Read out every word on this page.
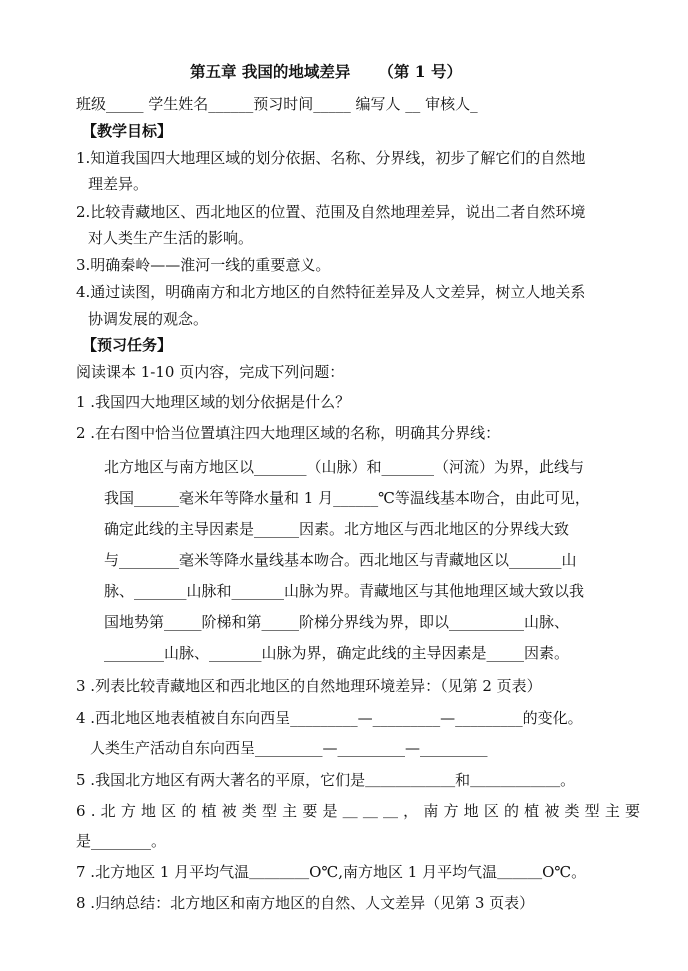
第五章 我国的地域差异 （第 1 号）
班级_____ 学生姓名______预习时间_____ 编写人 __ 审核人_
【教学目标】
1.知道我国四大地理区域的划分依据、名称、分界线，初步了解它们的自然地
理差异。
2.比较青藏地区、西北地区的位置、范围及自然地理差异，说出二者自然环境
对人类生产生活的影响。
3.明确秦岭——淮河一线的重要意义。
4.通过读图，明确南方和北方地区的自然特征差异及人文差异，树立人地关系
协调发展的观念。
【预习任务】
阅读课本 1-10 页内容，完成下列问题：
1 .我国四大地理区域的划分依据是什么？
2 .在右图中恰当位置填注四大地理区域的名称，明确其分界线：
北方地区与南方地区以_______（山脉）和_______（河流）为界，此线与
我国______毫米年等降水量和 1 月______℃等温线基本吻合，由此可见，
确定此线的主导因素是______因素。北方地区与西北地区的分界线大致
与________毫米等降水量线基本吻合。西北地区与青藏地区以_______山
脉、_______山脉和_______山脉为界。青藏地区与其他地理区域大致以我
国地势第_____阶梯和第_____阶梯分界线为界，即以__________山脉、
________山脉、_______山脉为界，确定此线的主导因素是_____因素。
3 .列表比较青藏地区和西北地区的自然地理环境差异：（见第 2 页表）
4 .西北地区地表植被自东向西呈_________—_________—_________的变化。
人类生产活动自东向西呈_________—_________—_________
5 .我国北方地区有两大著名的平原，它们是＿＿＿＿＿＿和＿＿＿＿＿＿。
6 . 北 方 地 区 的 植 被 类 型 主 要 是 ＿ ＿ ＿ ， 南 方 地 区 的 植 被 类 型 主 要
是________。
7 .北方地区 1 月平均气温＿＿＿＿O℃,南方地区 1 月平均气温＿＿＿O℃。
8 .归纳总结：北方地区和南方地区的自然、人文差异（见第 3 页表）
